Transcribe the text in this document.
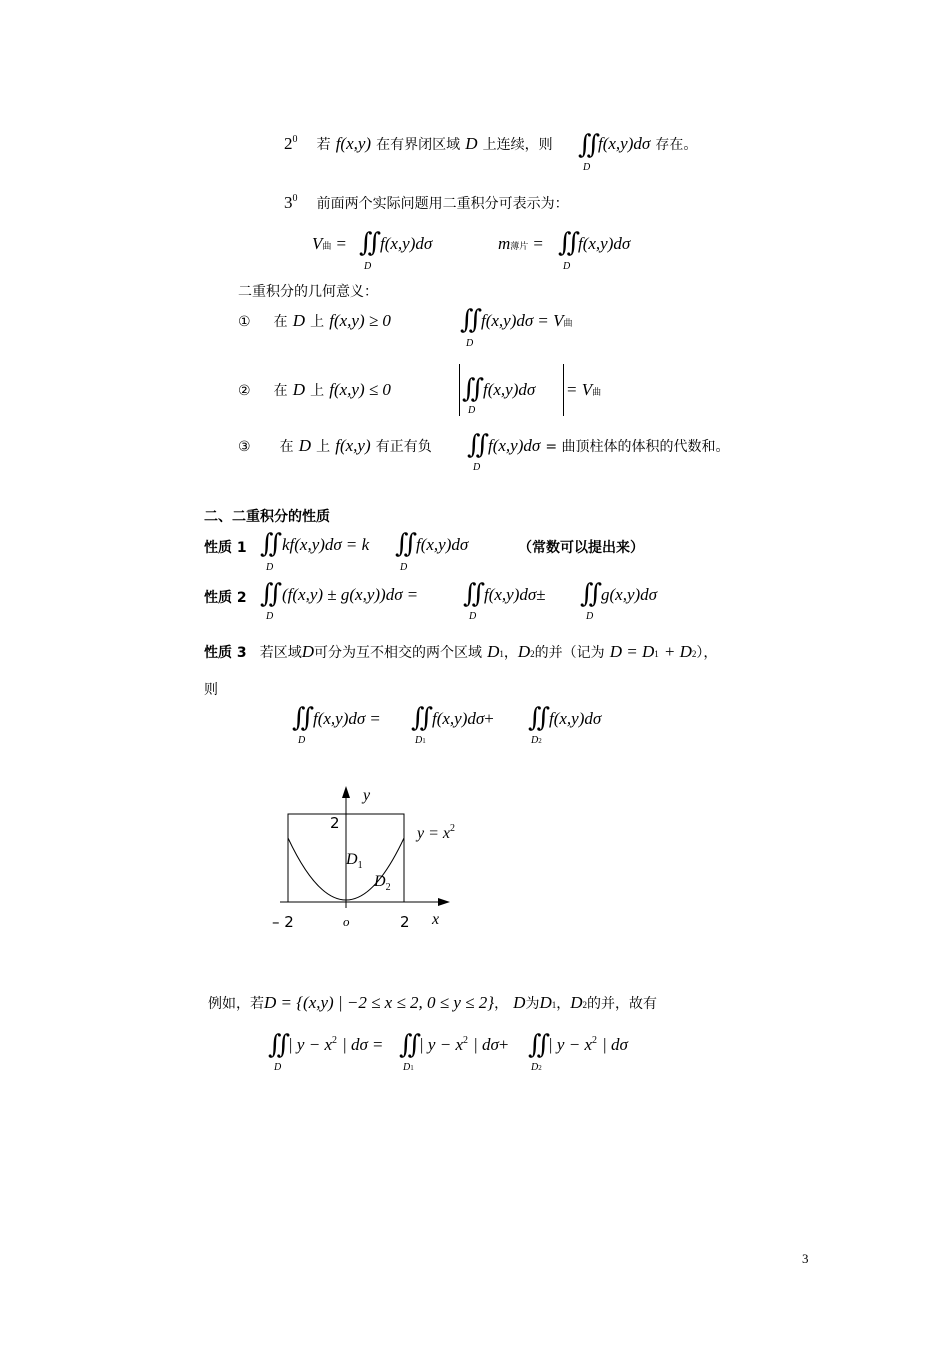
$2^0$ 若 f(x,y) 在有界闭区域 D 上连续，则 ∬
D
f(x,y)dσ 存在。
$3^0$ 前面两个实际问题用二重积分可表示为：
V曲 = ∬
D
f(x,y)dσ	m薄片 = ∬
D
f(x,y)dσ
二重积分的几何意义：
① 在 D 上 f(x,y) ≥ 0	∬
D
f(x,y)dσ = V曲
② 在 D 上 f(x,y) ≤ 0	∬
D
f(x,y)dσ = V曲
③ 在 D 上 f(x,y) 有正有负 ∬
D
f(x,y)dσ = 曲顶柱体的体积的代数和。
二、二重积分的性质
性质 1 ∬
D
kf(x,y)dσ = k ∬
D
f(x,y)dσ	（常数可以提出来）
性质 2 ∬
D
(f(x,y) ± g(x,y))dσ = ∬
D
f(x,y)dσ± ∬
D
g(x,y)dσ
性质 3 若区域D可分为互不相交的两个区域 D1，D2的并（记为 D = D1 + D2），
则
∬
D
f(x,y)dσ = ∬
D1
f(x,y)dσ+ ∬
D2
f(x,y)dσ
y
x
2
– 2	2
o
$y = x^2$
$D_1$
$D_2$
例如，若D = {(x,y) | −2 ≤ x ≤ 2, 0 ≤ y ≤ 2}， D为D1，D2的并，故有
∬
D
| $y - x^2$ | dσ = ∬
D1
| $y - x^2$ | dσ+ ∬
D2
| $y - x^2$ | dσ
3
